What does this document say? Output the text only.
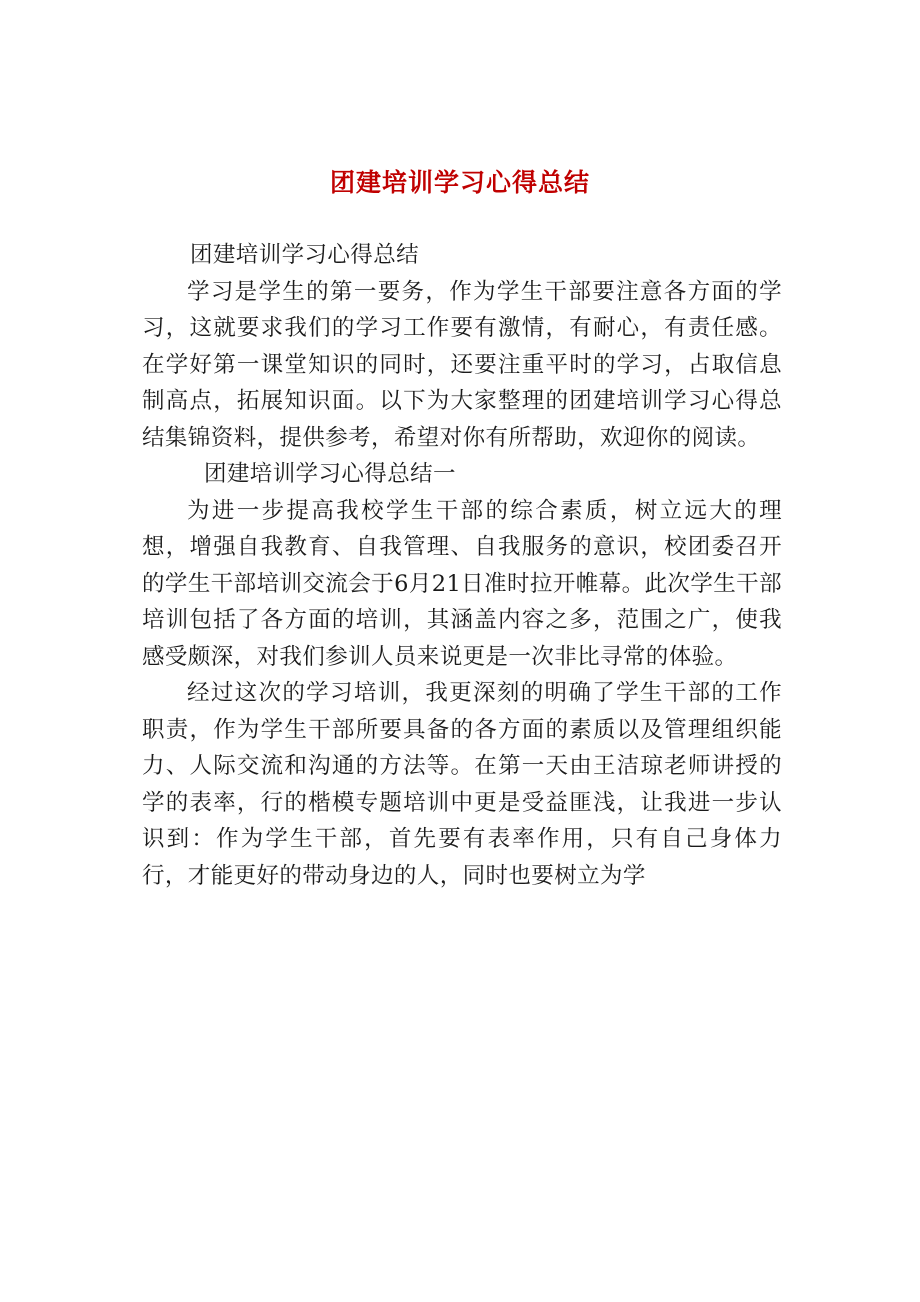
团建培训学习心得总结

团建培训学习心得总结

学习是学生的第一要务，作为学生干部要注意各方面的学习，这就要求我们的学习工作要有激情，有耐心，有责任感。在学好第一课堂知识的同时，还要注重平时的学习，占取信息制高点，拓展知识面。以下为大家整理的团建培训学习心得总结集锦资料，提供参考，希望对你有所帮助，欢迎你的阅读。

团建培训学习心得总结一

为进一步提高我校学生干部的综合素质，树立远大的理想，增强自我教育、自我管理、自我服务的意识，校团委召开的学生干部培训交流会于6月21日准时拉开帷幕。此次学生干部培训包括了各方面的培训，其涵盖内容之多，范围之广，使我感受颇深，对我们参训人员来说更是一次非比寻常的体验。

经过这次的学习培训，我更深刻的明确了学生干部的工作职责，作为学生干部所要具备的各方面的素质以及管理组织能力、人际交流和沟通的方法等。在第一天由王洁琼老师讲授的学的表率，行的楷模专题培训中更是受益匪浅，让我进一步认识到：作为学生干部，首先要有表率作用，只有自己身体力行，才能更好的带动身边的人，同时也要树立为学
